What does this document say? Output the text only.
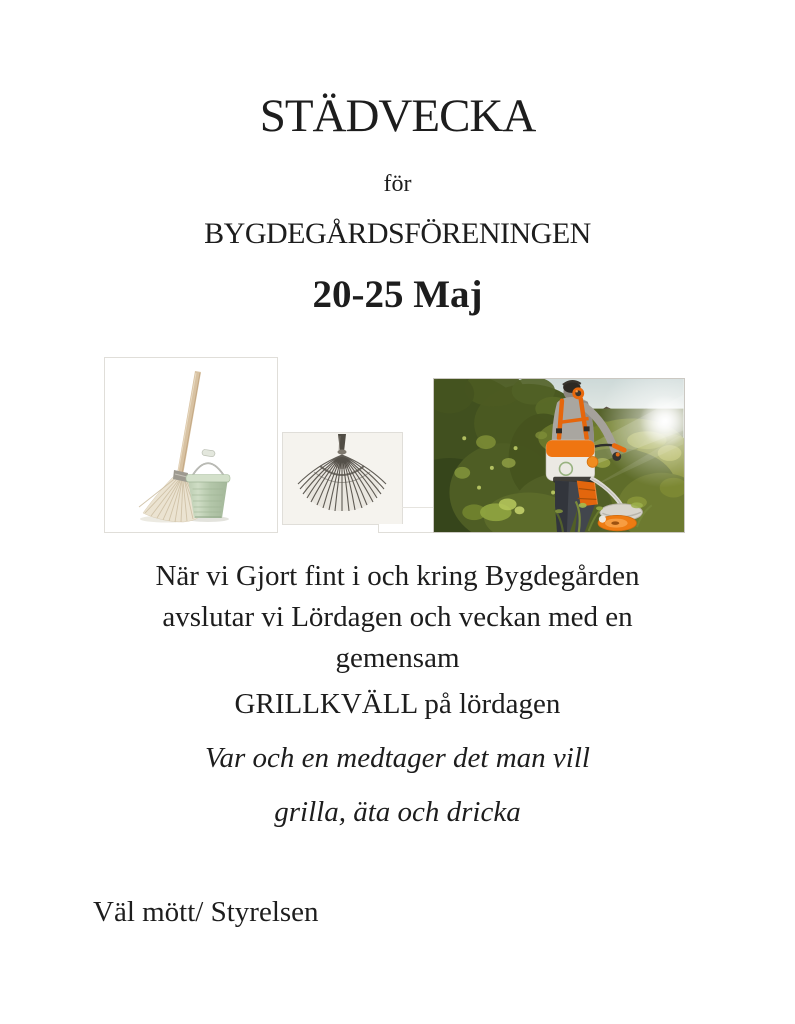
STÄDVECKA
för
BYGDEGÅRDSFÖRENINGEN
20-25 Maj
När vi Gjort fint i och kring Bygdegården
avslutar vi Lördagen och veckan med en
gemensam
GRILLKVÄLL på lördagen
Var och en medtager det man vill
grilla, äta och dricka

Väl mött/ Styrelsen
